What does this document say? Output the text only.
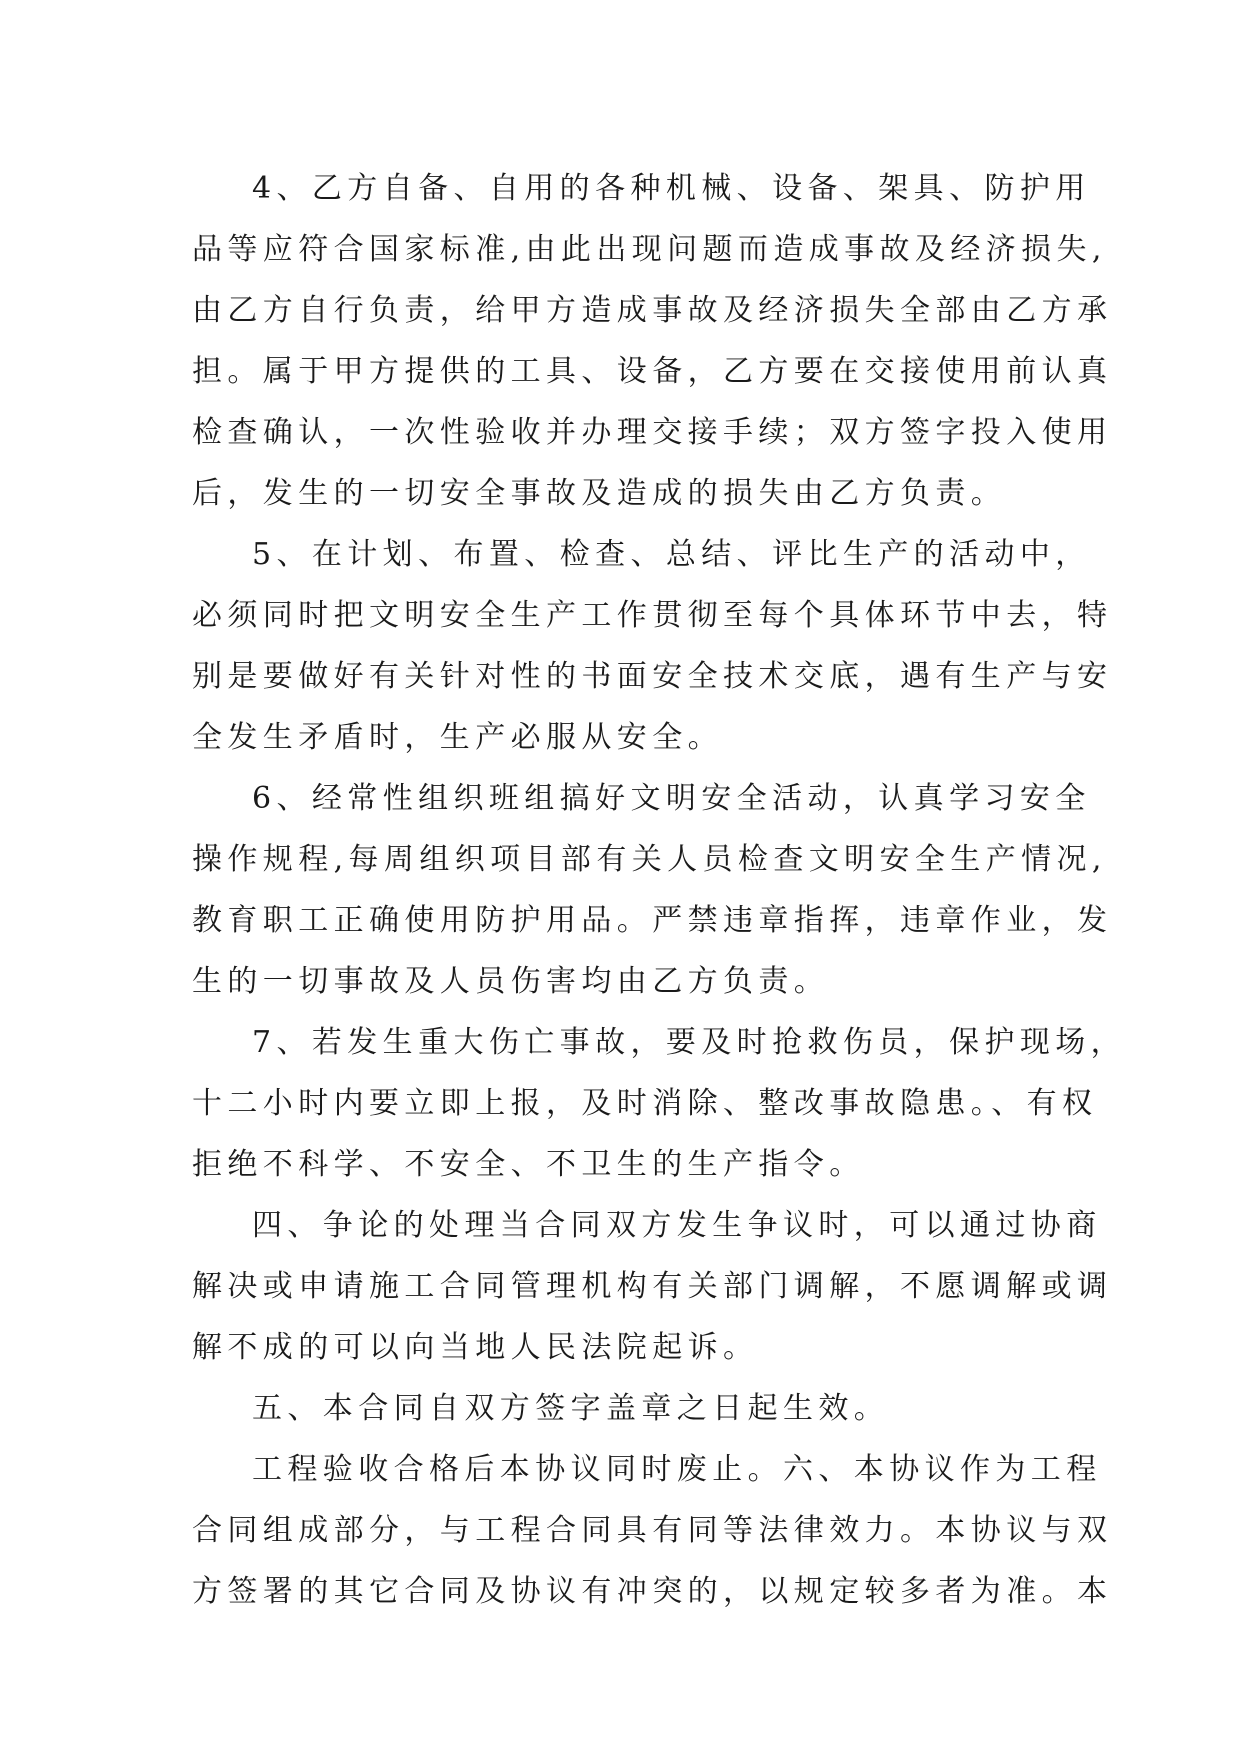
4、乙方自备、自用的各种机械、设备、架具、防护用
品等应符合国家标准,由此出现问题而造成事故及经济损失,
由乙方自行负责，给甲方造成事故及经济损失全部由乙方承
担。属于甲方提供的工具、设备，乙方要在交接使用前认真
检查确认，一次性验收并办理交接手续；双方签字投入使用
后，发生的一切安全事故及造成的损失由乙方负责。
5、在计划、布置、检查、总结、评比生产的活动中，
必须同时把文明安全生产工作贯彻至每个具体环节中去，特
别是要做好有关针对性的书面安全技术交底，遇有生产与安
全发生矛盾时，生产必服从安全。
6、经常性组织班组搞好文明安全活动，认真学习安全
操作规程,每周组织项目部有关人员检查文明安全生产情况,
教育职工正确使用防护用品。严禁违章指挥，违章作业，发
生的一切事故及人员伤害均由乙方负责。
7、若发生重大伤亡事故，要及时抢救伤员，保护现场，
十二小时内要立即上报，及时消除、整改事故隐患。、有权
拒绝不科学、不安全、不卫生的生产指令。
四、争论的处理当合同双方发生争议时，可以通过协商
解决或申请施工合同管理机构有关部门调解，不愿调解或调
解不成的可以向当地人民法院起诉。
五、本合同自双方签字盖章之日起生效。
工程验收合格后本协议同时废止。六、本协议作为工程
合同组成部分，与工程合同具有同等法律效力。本协议与双
方签署的其它合同及协议有冲突的，以规定较多者为准。本
